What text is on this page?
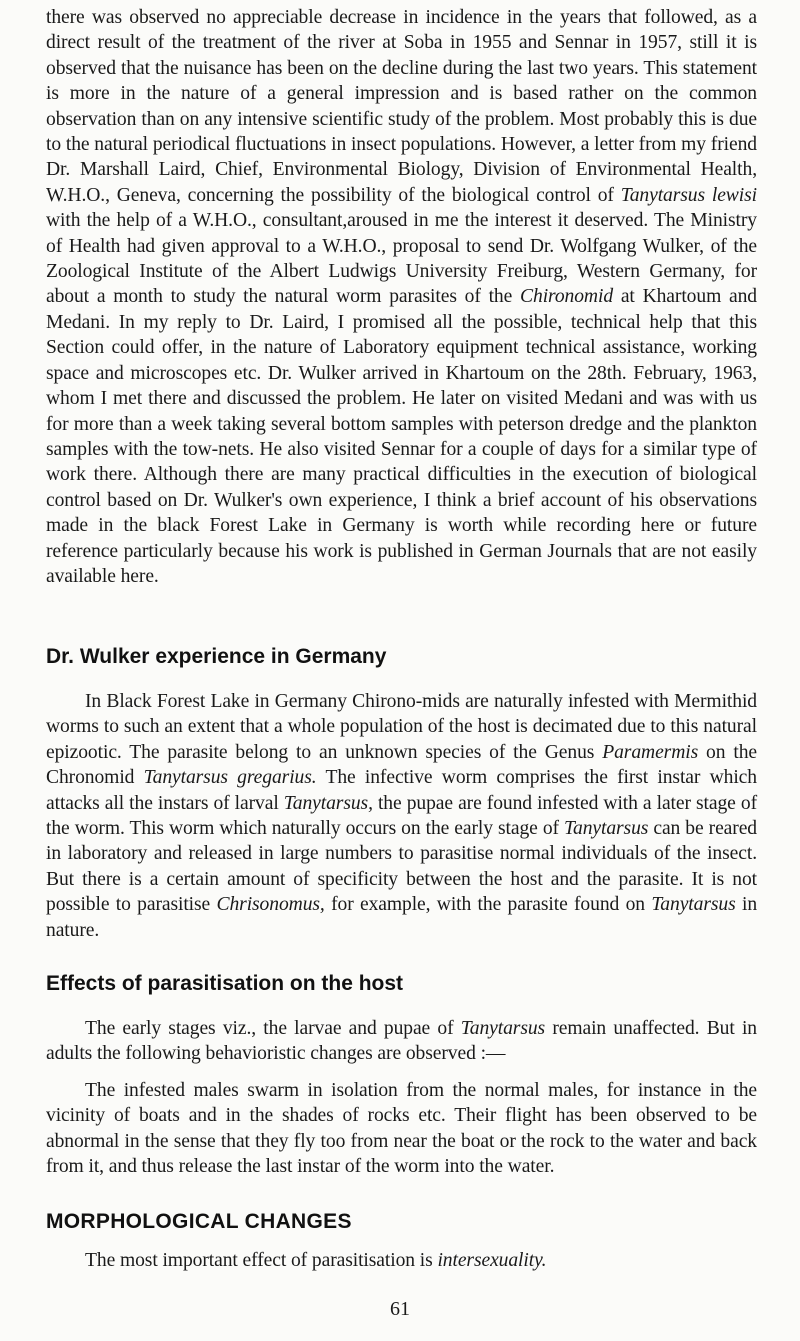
there was observed no appreciable decrease in incidence in the years that followed, as a direct result of the treatment of the river at Soba in 1955 and Sennar in 1957, still it is observed that the nuisance has been on the decline during the last two years. This statement is more in the nature of a general impression and is based rather on the common observation than on any intensive scientific study of the problem. Most probably this is due to the natural periodical fluctuations in insect populations. However, a letter from my friend Dr. Marshall Laird, Chief, Environmental Biology, Division of Environmental Health, W.H.O., Geneva, concerning the possibility of the biological control of Tanytarsus lewisi with the help of a W.H.O., consultant,aroused in me the interest it deserved. The Ministry of Health had given approval to a W.H.O., proposal to send Dr. Wolfgang Wulker, of the Zoological Institute of the Albert Ludwigs University Freiburg, Western Germany, for about a month to study the natural worm parasites of the Chironomid at Khartoum and Medani. In my reply to Dr. Laird, I promised all the possible, technical help that this Section could offer, in the nature of Laboratory equipment technical assistance, working space and microscopes etc. Dr. Wulker arrived in Khartoum on the 28th. February, 1963, whom I met there and discussed the problem. He later on visited Medani and was with us for more than a week taking several bottom samples with peterson dredge and the plankton samples with the tow-nets. He also visited Sennar for a couple of days for a similar type of work there. Although there are many practical difficulties in the execution of biological control based on Dr. Wulker's own experience, I think a brief account of his observations made in the black Forest Lake in Germany is worth while recording here or future reference particularly because his work is published in German Journals that are not easily available here.

Dr. Wulker experience in Germany

In Black Forest Lake in Germany Chirono-mids are naturally infested with Mermithid worms to such an extent that a whole population of the host is decimated due to this natural epizootic. The parasite belong to an unknown species of the Genus Paramermis on the Chronomid Tanytarsus gregarius. The infective worm comprises the first instar which attacks all the instars of larval Tanytarsus, the pupae are found infested with a later stage of the worm. This worm which naturally occurs on the early stage of Tanytarsus can be reared in laboratory and released in large numbers to parasitise normal individuals of the insect. But there is a certain amount of specificity between the host and the parasite. It is not possible to parasitise Chrisonomus, for example, with the parasite found on Tanytarsus in nature.

Effects of parasitisation on the host

The early stages viz., the larvae and pupae of Tanytarsus remain unaffected. But in adults the following behavioristic changes are observed :—

The infested males swarm in isolation from the normal males, for instance in the vicinity of boats and in the shades of rocks etc. Their flight has been observed to be abnormal in the sense that they fly too from near the boat or the rock to the water and back from it, and thus release the last instar of the worm into the water.

MORPHOLOGICAL CHANGES

The most important effect of parasitisation is intersexuality.

61
